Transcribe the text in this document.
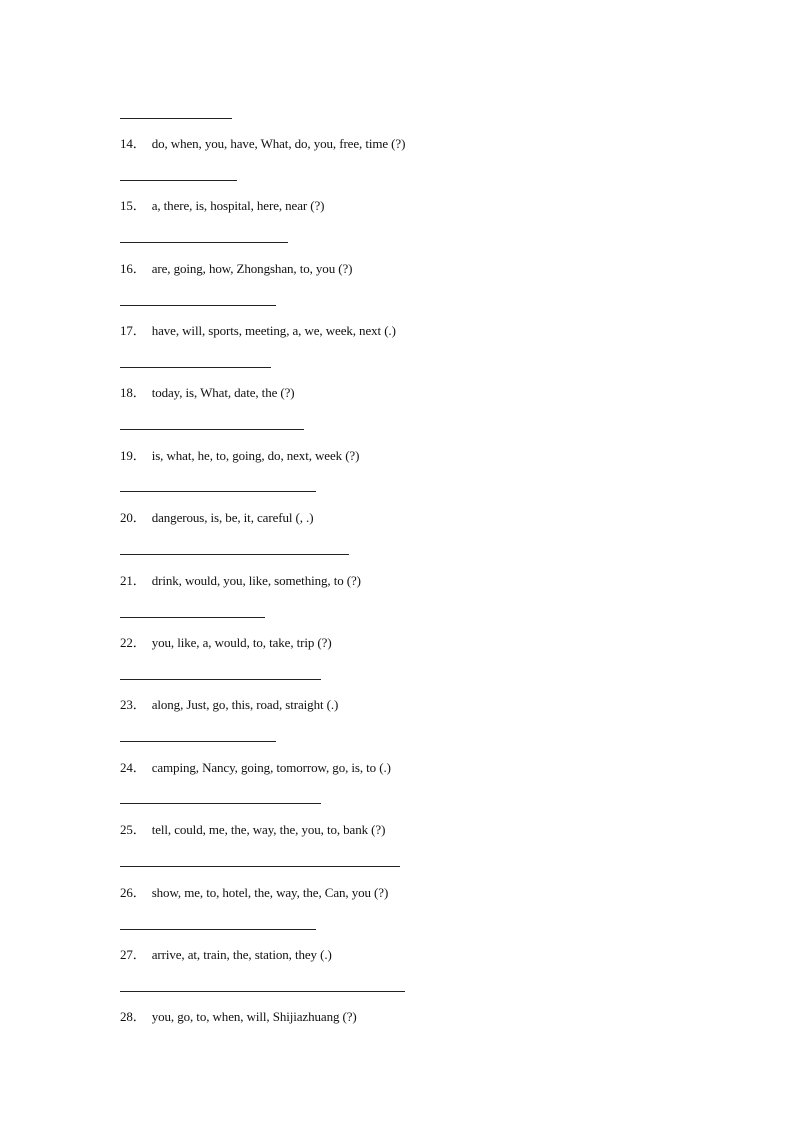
14． do, when, you, have, What, do, you, free, time (?)
15． a, there, is, hospital, here, near (?)
16． are, going, how, Zhongshan, to, you (?)
17． have, will, sports, meeting, a, we, week, next (.)
18． today, is, What, date, the (?)
19． is, what, he, to, going, do, next, week (?)
20． dangerous, is, be, it, careful (, .)
21． drink, would, you, like, something, to (?)
22． you, like, a, would, to, take, trip (?)
23． along, Just, go, this, road, straight (.)
24． camping, Nancy, going, tomorrow, go, is, to (.)
25． tell, could, me, the, way, the, you, to, bank (?)
26． show, me, to, hotel, the, way, the, Can, you (?)
27． arrive, at, train, the, station, they (.)
28． you, go, to, when, will, Shijiazhuang (?)
